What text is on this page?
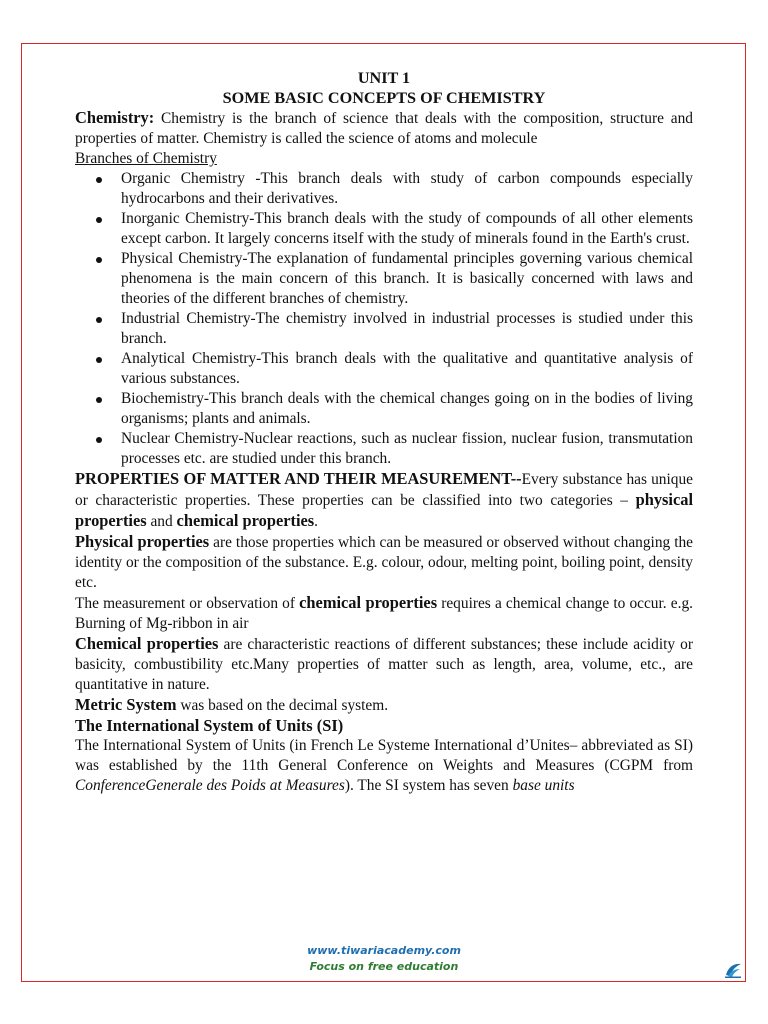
UNIT 1

SOME BASIC CONCEPTS OF CHEMISTRY

Chemistry: Chemistry is the branch of science that deals with the composition, structure and properties of matter. Chemistry is called the science of atoms and molecule

Branches of Chemistry

Organic Chemistry -This branch deals with study of carbon compounds especially hydrocarbons and their derivatives.
Inorganic Chemistry-This branch deals with the study of compounds of all other elements except carbon. It largely concerns itself with the study of minerals found in the Earth's crust.
Physical Chemistry-The explanation of fundamental principles governing various chemical phenomena is the main concern of this branch. It is basically concerned with laws and theories of the different branches of chemistry.
Industrial Chemistry-The chemistry involved in industrial processes is studied under this branch.
Analytical Chemistry-This branch deals with the qualitative and quantitative analysis of various substances.
Biochemistry-This branch deals with the chemical changes going on in the bodies of living organisms; plants and animals.
Nuclear Chemistry-Nuclear reactions, such as nuclear fission, nuclear fusion, transmutation processes etc. are studied under this branch.

PROPERTIES OF MATTER AND THEIR MEASUREMENT--Every substance has unique or characteristic properties. These properties can be classified into two categories – physical properties and chemical properties.

Physical properties are those properties which can be measured or observed without changing the identity or the composition of the substance. E.g. colour, odour, melting point, boiling point, density etc.

The measurement or observation of chemical properties requires a chemical change to occur. e.g. Burning of Mg-ribbon in air

Chemical properties are characteristic reactions of different substances; these include acidity or basicity, combustibility etc.Many properties of matter such as length, area, volume, etc., are quantitative in nature.

Metric System was based on the decimal system.

The International System of Units (SI)

The International System of Units (in French Le Systeme International d’Unites– abbreviated as SI) was established by the 11th General Conference on Weights and Measures (CGPM from ConferenceGenerale des Poids at Measures). The SI system has seven base units

www.tiwariacademy.com
Focus on free education
